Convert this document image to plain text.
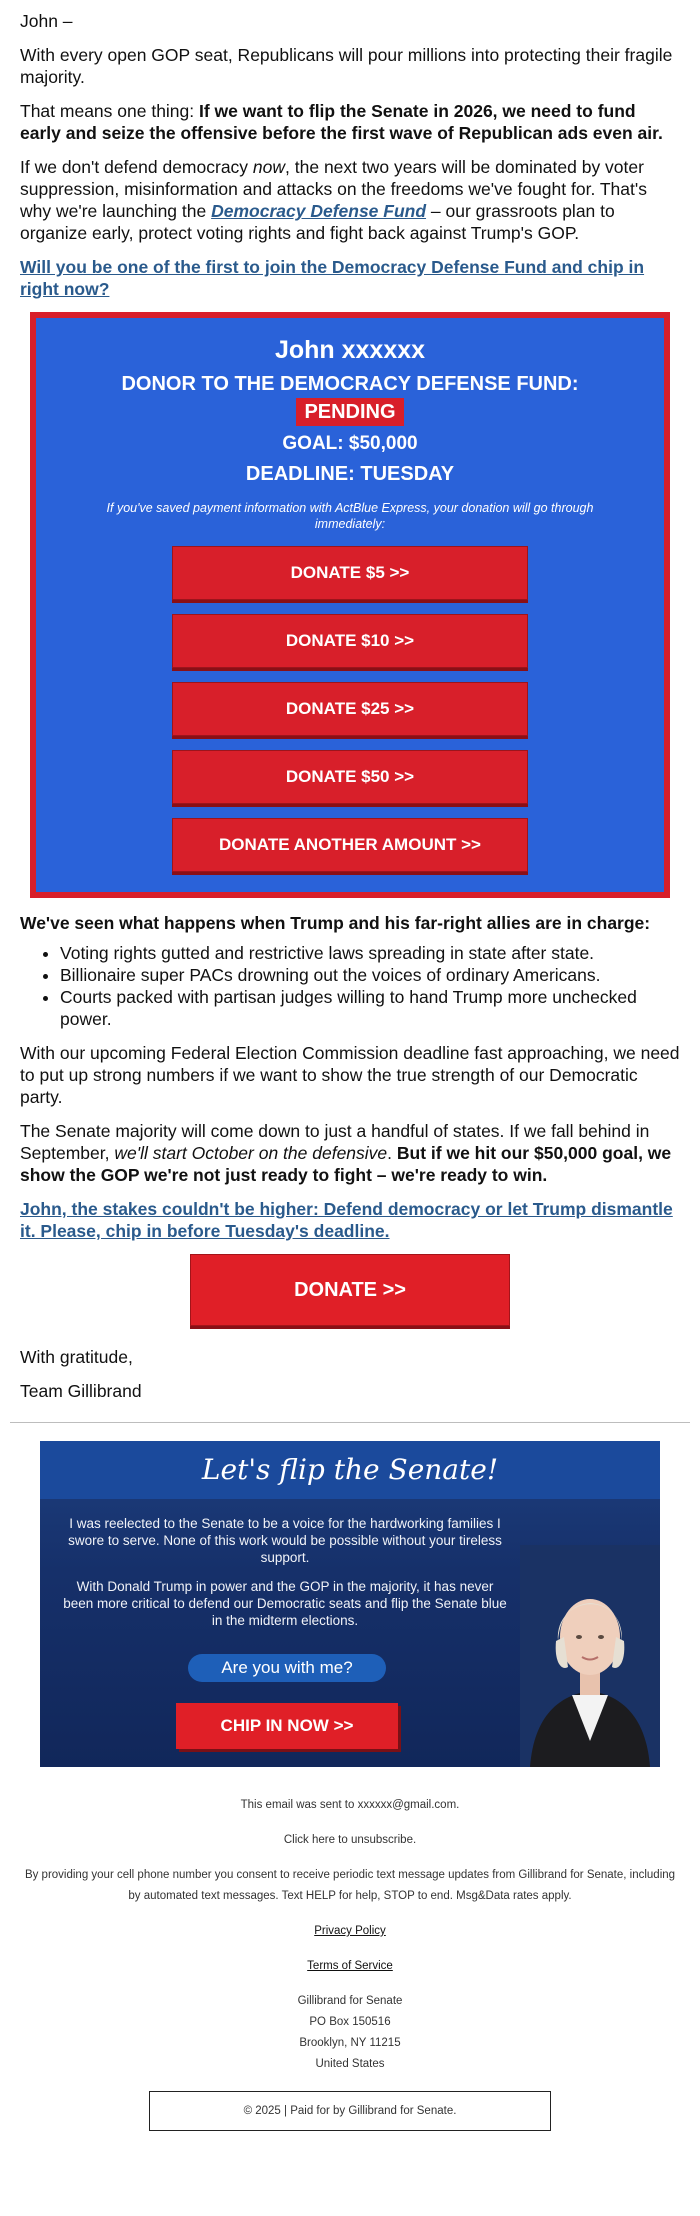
John –

With every open GOP seat, Republicans will pour millions into protecting their fragile majority.

That means one thing: If we want to flip the Senate in 2026, we need to fund early and seize the offensive before the first wave of Republican ads even air.

If we don't defend democracy now, the next two years will be dominated by voter suppression, misinformation and attacks on the freedoms we've fought for. That's why we're launching the Democracy Defense Fund – our grassroots plan to organize early, protect voting rights and fight back against Trump's GOP.

Will you be one of the first to join the Democracy Defense Fund and chip in right now?
John xxxxxx
DONOR TO THE DEMOCRACY DEFENSE FUND:
PENDING
GOAL: $50,000
DEADLINE: TUESDAY
If you've saved payment information with ActBlue Express, your donation will go through immediately:
DONATE $5 >>
DONATE $10 >>
DONATE $25 >>
DONATE $50 >>
DONATE ANOTHER AMOUNT >>
We've seen what happens when Trump and his far-right allies are in charge:
• Voting rights gutted and restrictive laws spreading in state after state.
• Billionaire super PACs drowning out the voices of ordinary Americans.
• Courts packed with partisan judges willing to hand Trump more unchecked power.

With our upcoming Federal Election Commission deadline fast approaching, we need to put up strong numbers if we want to show the true strength of our Democratic party.

The Senate majority will come down to just a handful of states. If we fall behind in September, we'll start October on the defensive. But if we hit our $50,000 goal, we show the GOP we're not just ready to fight – we're ready to win.

John, the stakes couldn't be higher: Defend democracy or let Trump dismantle it. Please, chip in before Tuesday's deadline.
DONATE >>

With gratitude,

Team Gillibrand

Let's flip the Senate!

I was reelected to the Senate to be a voice for the hardworking families I swore to serve. None of this work would be possible without your tireless support.

With Donald Trump in power and the GOP in the majority, it has never been more critical to defend our Democratic seats and flip the Senate blue in the midterm elections.

Are you with me?
CHIP IN NOW >>
This email was sent to xxxxxx@gmail.com.
Click here to unsubscribe.
By providing your cell phone number you consent to receive periodic text message updates from Gillibrand for Senate, including by automated text messages. Text HELP for help, STOP to end. Msg&Data rates apply.
Privacy Policy
Terms of Service
Gillibrand for Senate
PO Box 150516
Brooklyn, NY 11215
United States
© 2025 | Paid for by Gillibrand for Senate.
